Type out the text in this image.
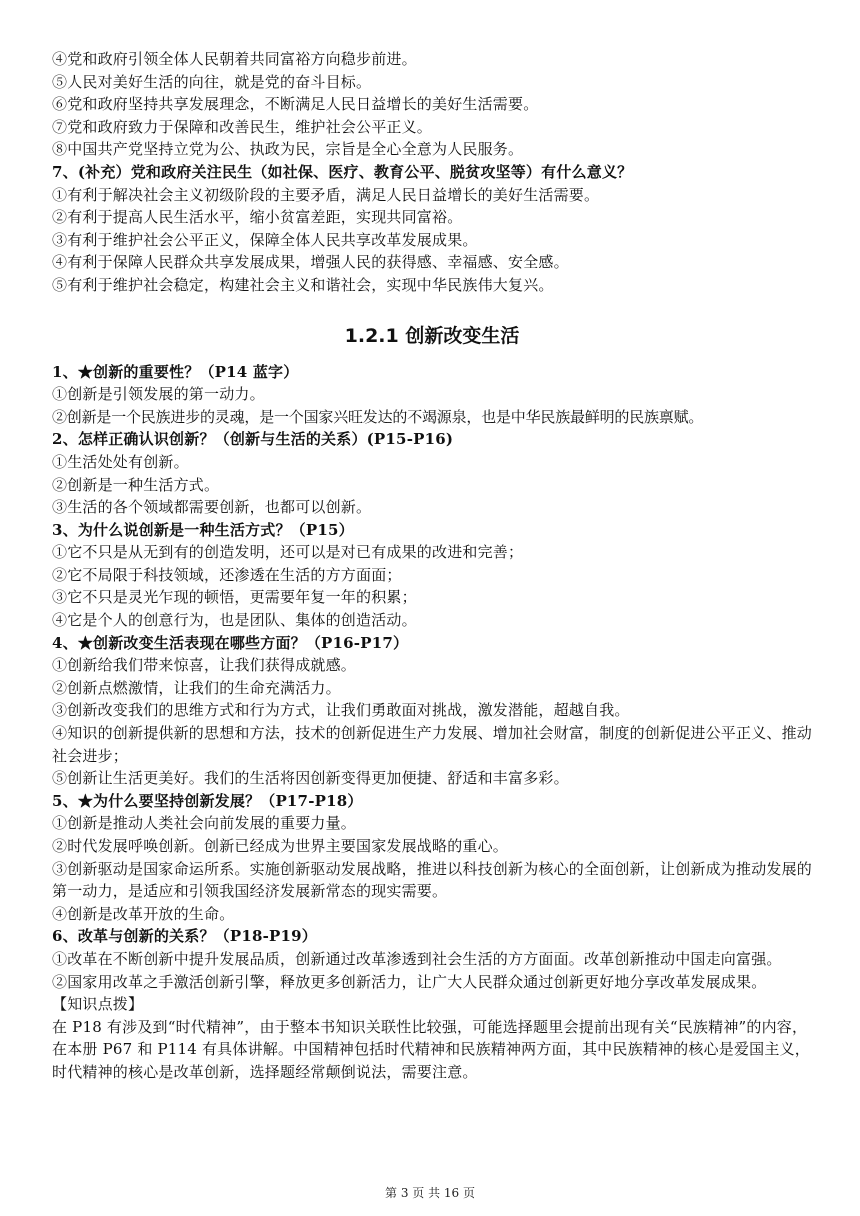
④党和政府引领全体人民朝着共同富裕方向稳步前进。
⑤人民对美好生活的向往，就是党的奋斗目标。
⑥党和政府坚持共享发展理念，不断满足人民日益增长的美好生活需要。
⑦党和政府致力于保障和改善民生，维护社会公平正义。
⑧中国共产党坚持立党为公、执政为民，宗旨是全心全意为人民服务。
7、(补充）党和政府关注民生（如社保、医疗、教育公平、脱贫攻坚等）有什么意义？
①有利于解决社会主义初级阶段的主要矛盾，满足人民日益增长的美好生活需要。
②有利于提高人民生活水平，缩小贫富差距，实现共同富裕。
③有利于维护社会公平正义，保障全体人民共享改革发展成果。
④有利于保障人民群众共享发展成果，增强人民的获得感、幸福感、安全感。
⑤有利于维护社会稳定，构建社会主义和谐社会，实现中华民族伟大复兴。
1.2.1 创新改变生活
1、★创新的重要性？（P14 蓝字）
①创新是引领发展的第一动力。
②创新是一个民族进步的灵魂，是一个国家兴旺发达的不竭源泉，也是中华民族最鲜明的民族禀赋。
2、怎样正确认识创新？（创新与生活的关系）(P15-P16)
①生活处处有创新。
②创新是一种生活方式。
③生活的各个领域都需要创新，也都可以创新。
3、为什么说创新是一种生活方式？（P15）
①它不只是从无到有的创造发明，还可以是对已有成果的改进和完善；
②它不局限于科技领域，还渗透在生活的方方面面；
③它不只是灵光乍现的顿悟，更需要年复一年的积累；
④它是个人的创意行为，也是团队、集体的创造活动。
4、★创新改变生活表现在哪些方面？（P16-P17）
①创新给我们带来惊喜，让我们获得成就感。
②创新点燃激情，让我们的生命充满活力。
③创新改变我们的思维方式和行为方式，让我们勇敢面对挑战，激发潜能，超越自我。
④知识的创新提供新的思想和方法，技术的创新促进生产力发展、增加社会财富，制度的创新促进公平正义、推动社会进步；
⑤创新让生活更美好。我们的生活将因创新变得更加便捷、舒适和丰富多彩。
5、★为什么要坚持创新发展？（P17-P18）
①创新是推动人类社会向前发展的重要力量。
②时代发展呼唤创新。创新已经成为世界主要国家发展战略的重心。
③创新驱动是国家命运所系。实施创新驱动发展战略，推进以科技创新为核心的全面创新，让创新成为推动发展的第一动力，是适应和引领我国经济发展新常态的现实需要。
④创新是改革开放的生命。
6、改革与创新的关系？（P18-P19）
①改革在不断创新中提升发展品质，创新通过改革渗透到社会生活的方方面面。改革创新推动中国走向富强。
②国家用改革之手激活创新引擎，释放更多创新活力，让广大人民群众通过创新更好地分享改革发展成果。
【知识点拨】
在 P18 有涉及到“时代精神”，由于整本书知识关联性比较强，可能选择题里会提前出现有关“民族精神”的内容，在本册 P67 和 P114 有具体讲解。中国精神包括时代精神和民族精神两方面，其中民族精神的核心是爱国主义，时代精神的核心是改革创新，选择题经常颠倒说法，需要注意。
第 3 页 共 16 页
